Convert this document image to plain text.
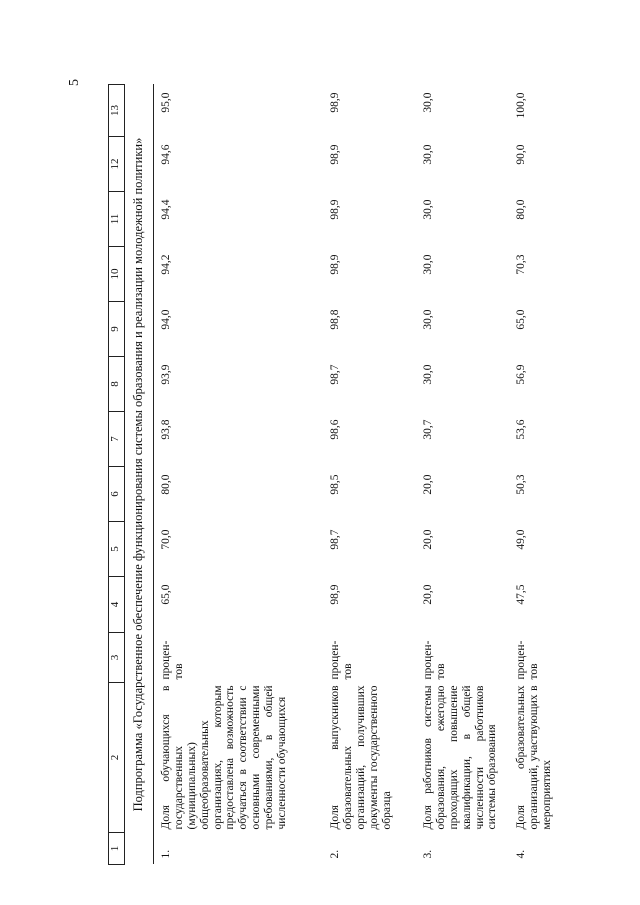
5
1	2	3	4	5	6	7	8	9	10	11	12	13
Подпрограмма «Государственное обеспечение функционирования системы образования и реализации молодежной политики»												
1.	Доля обучающихся в государственных (муниципальных) общеобразовательных организациях, которым предоставлена возможность обучаться в соответствии с основными современными требованиями, в общей численности обучающихся	процен-тов	65,0	70,0	80,0	93,8	93,9	94,0	94,2	94,4	94,6	95,0
2.	Доля выпускников образовательных организаций, получивших документы государственного образца	процен-тов	98,9	98,7	98,5	98,6	98,7	98,8	98,9	98,9	98,9	98,9
3.	Доля работников системы образования, ежегодно проходящих повышение квалификации, в общей численности работников системы образования	процен-тов	20,0	20,0	20,0	30,7	30,0	30,0	30,0	30,0	30,0	30,0
4.	Доля образовательных организаций, участвующих в мероприятиях	процен-тов	47,5	49,0	50,3	53,6	56,9	65,0	70,3	80,0	90,0	100,0
